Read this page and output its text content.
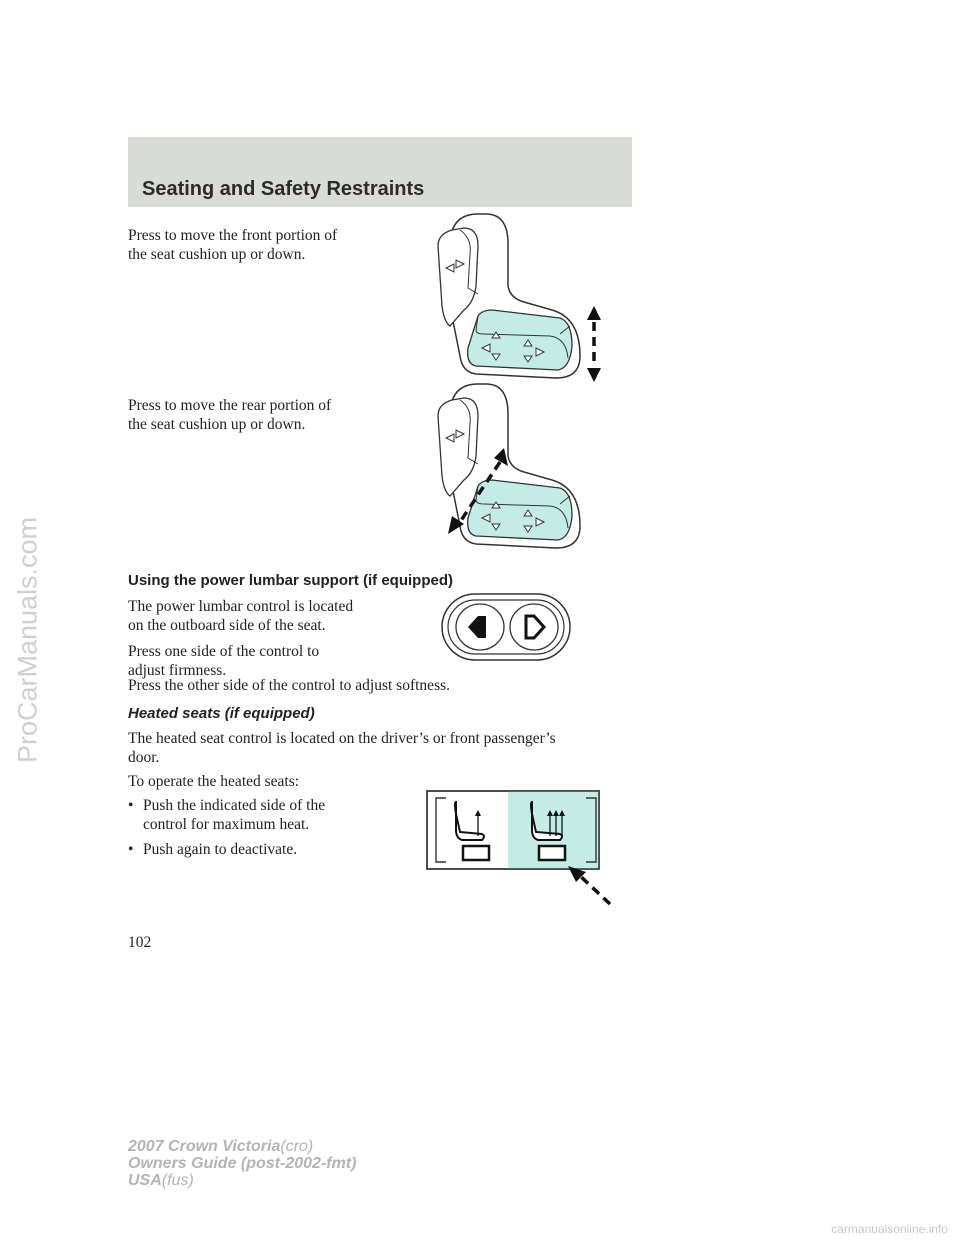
Seating and Safety Restraints
Press to move the front portion of
the seat cushion up or down.
Press to move the rear portion of
the seat cushion up or down.
Using the power lumbar support (if equipped)
The power lumbar control is located
on the outboard side of the seat.
Press one side of the control to
adjust firmness.
Press the other side of the control to adjust softness.
Heated seats (if equipped)
The heated seat control is located on the driver’s or front passenger’s
door.
To operate the heated seats:
• Push the indicated side of the
control for maximum heat.
• Push again to deactivate.
102
2007 Crown Victoria(cro)
Owners Guide (post-2002-fmt)
USA(fus)
ProCarManuals.com
carmanualsonline.info
